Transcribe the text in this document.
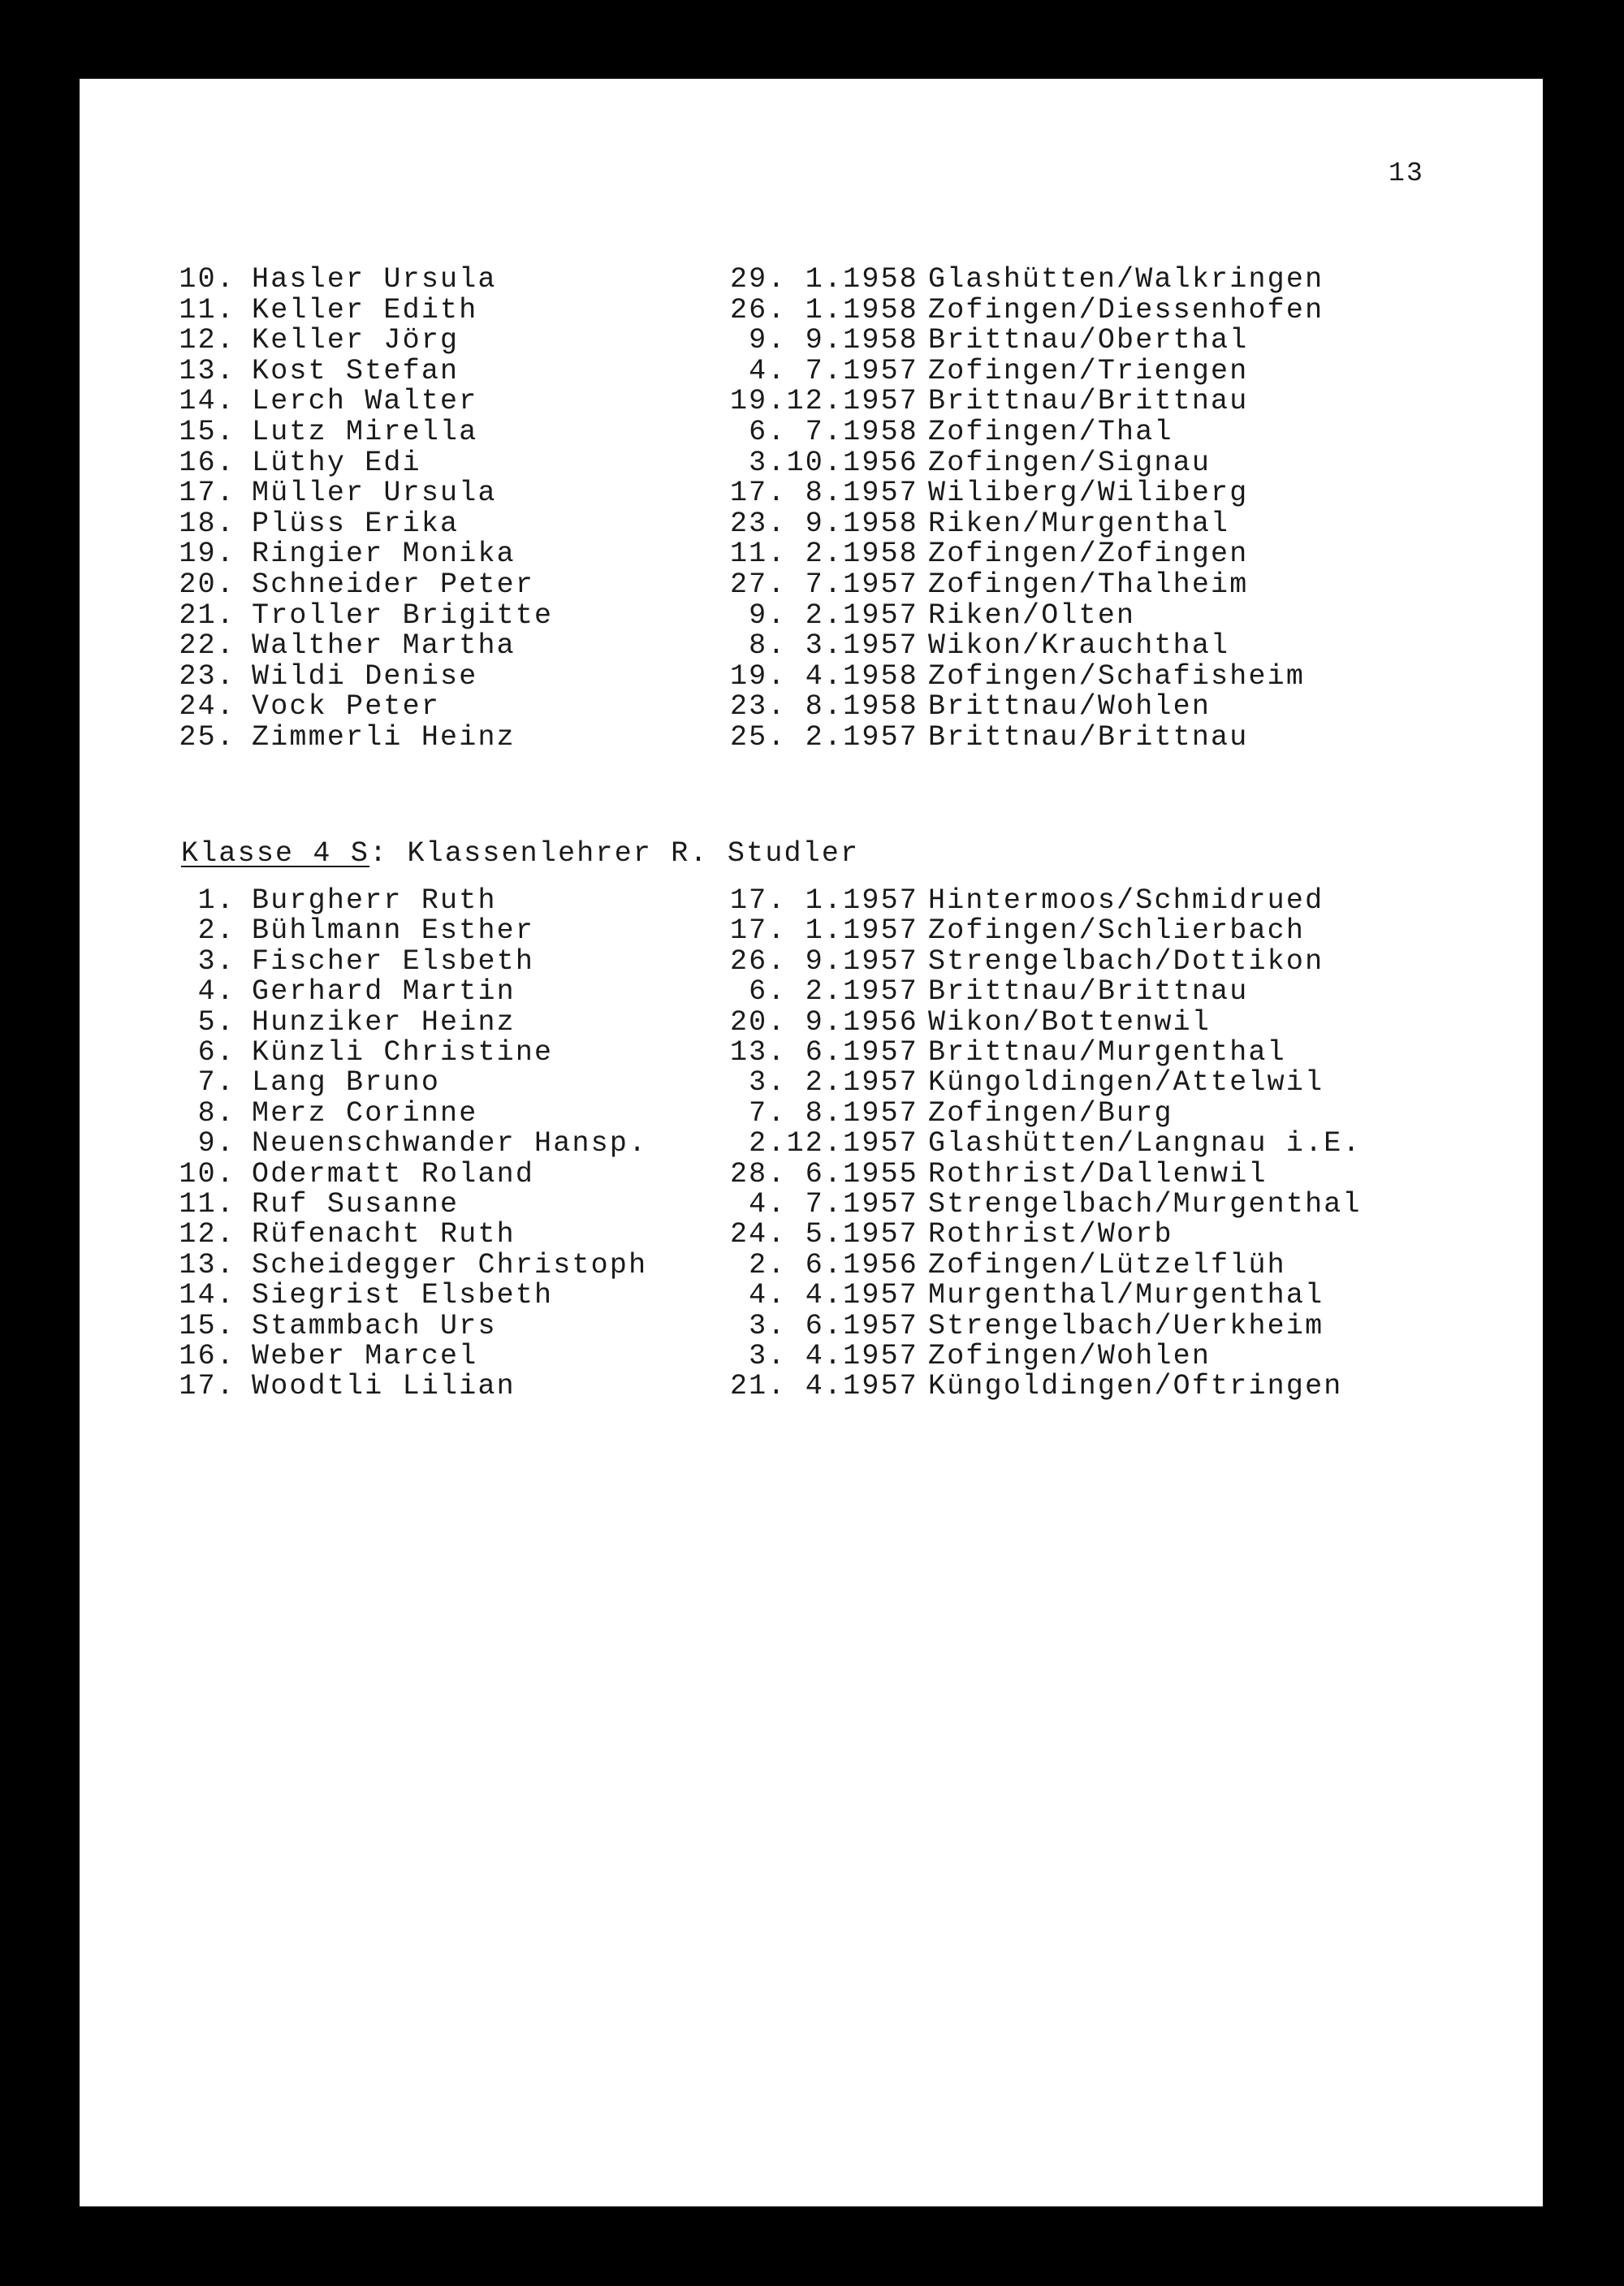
13
10. Hasler Ursula	29. 1.1958 Glashütten/Walkringen
11. Keller Edith	26. 1.1958 Zofingen/Diessenhofen
12. Keller Jörg	9. 9.1958 Brittnau/Oberthal
13. Kost Stefan	4. 7.1957 Zofingen/Triengen
14. Lerch Walter	19.12.1957 Brittnau/Brittnau
15. Lutz Mirella	6. 7.1958 Zofingen/Thal
16. Lüthy Edi	3.10.1956 Zofingen/Signau
17. Müller Ursula	17. 8.1957 Wiliberg/Wiliberg
18. Plüss Erika	23. 9.1958 Riken/Murgenthal
19. Ringier Monika	11. 2.1958 Zofingen/Zofingen
20. Schneider Peter	27. 7.1957 Zofingen/Thalheim
21. Troller Brigitte	9. 2.1957 Riken/Olten
22. Walther Martha	8. 3.1957 Wikon/Krauchthal
23. Wildi Denise	19. 4.1958 Zofingen/Schafisheim
24. Vock Peter	23. 8.1958 Brittnau/Wohlen
25. Zimmerli Heinz	25. 2.1957 Brittnau/Brittnau
Klasse 4 S: Klassenlehrer R. Studler
1. Burgherr Ruth	17. 1.1957 Hintermoos/Schmidrued
2. Bühlmann Esther	17. 1.1957 Zofingen/Schlierbach
3. Fischer Elsbeth	26. 9.1957 Strengelbach/Dottikon
4. Gerhard Martin	6. 2.1957 Brittnau/Brittnau
5. Hunziker Heinz	20. 9.1956 Wikon/Bottenwil
6. Künzli Christine	13. 6.1957 Brittnau/Murgenthal
7. Lang Bruno	3. 2.1957 Küngoldingen/Attelwil
8. Merz Corinne	7. 8.1957 Zofingen/Burg
9. Neuenschwander Hansp.	2.12.1957 Glashütten/Langnau i.E.
10. Odermatt Roland	28. 6.1955 Rothrist/Dallenwil
11. Ruf Susanne	4. 7.1957 Strengelbach/Murgenthal
12. Rüfenacht Ruth	24. 5.1957 Rothrist/Worb
13. Scheidegger Christoph	2. 6.1956 Zofingen/Lützelflüh
14. Siegrist Elsbeth	4. 4.1957 Murgenthal/Murgenthal
15. Stammbach Urs	3. 6.1957 Strengelbach/Uerkheim
16. Weber Marcel	3. 4.1957 Zofingen/Wohlen
17. Woodtli Lilian	21. 4.1957 Küngoldingen/Oftringen
